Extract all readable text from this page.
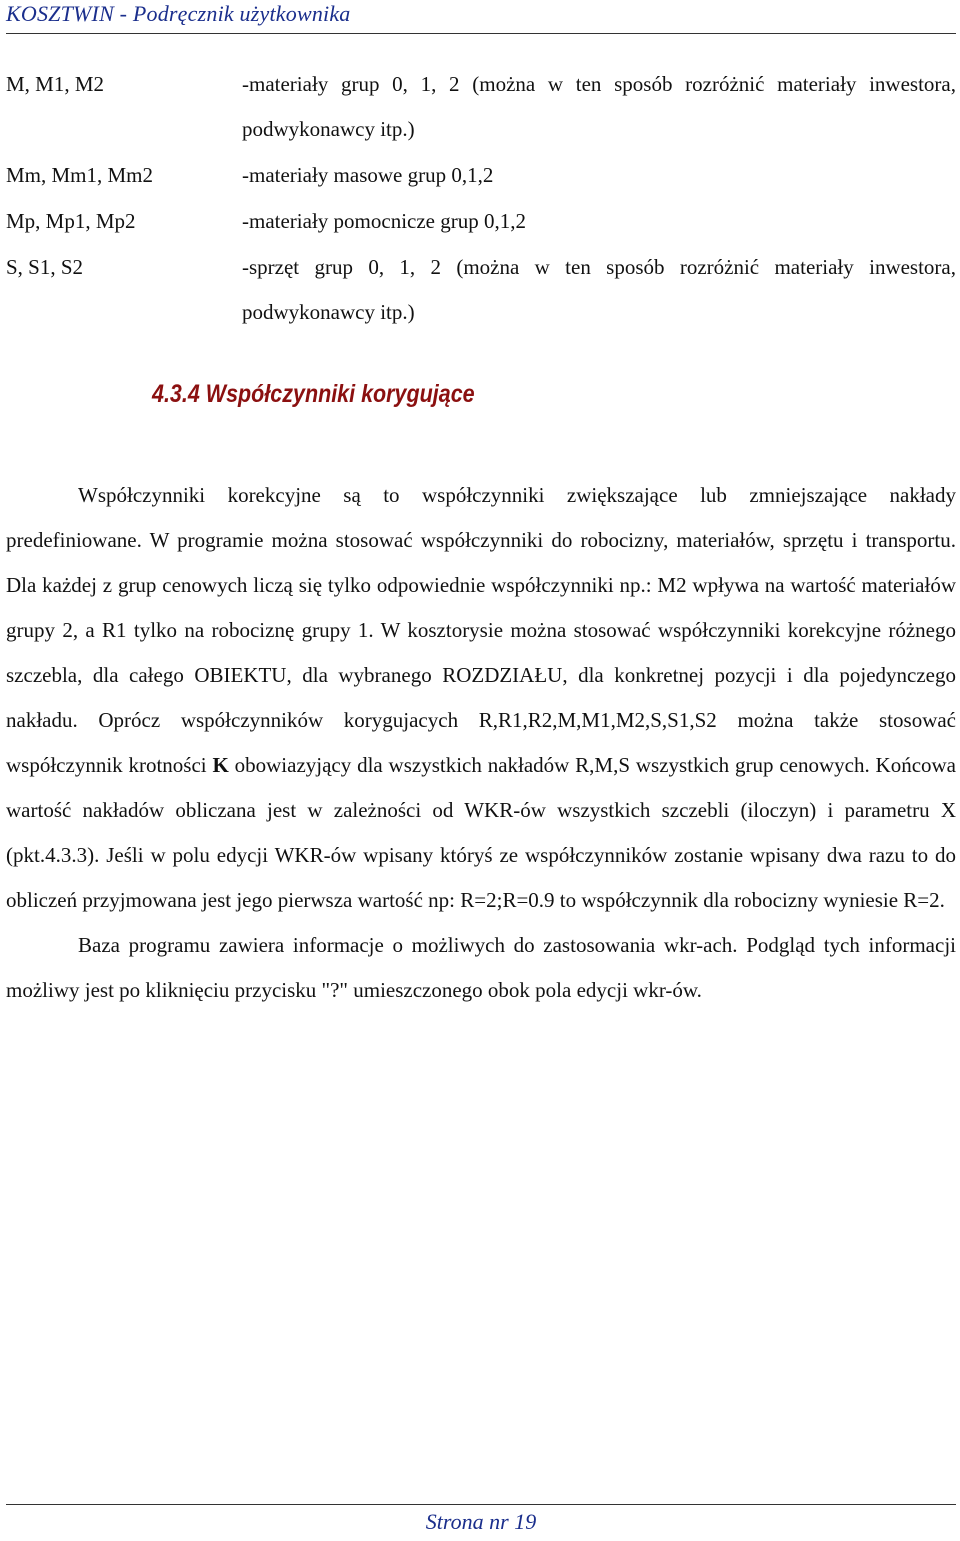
KOSZTWIN - Podręcznik użytkownika
M, M1, M2	-materiały grup 0, 1, 2 (można w ten sposób rozróżnić materiały inwestora, podwykonawcy itp.)
Mm, Mm1, Mm2	-materiały masowe grup 0,1,2
Mp, Mp1, Mp2	-materiały pomocnicze grup 0,1,2
S, S1, S2	-sprzęt grup 0, 1, 2 (można w ten sposób rozróżnić materiały inwestora, podwykonawcy itp.)
4.3.4 Współczynniki korygujące

Współczynniki korekcyjne są to współczynniki zwiększające lub zmniejszające nakłady predefiniowane. W programie można stosować współczynniki do robocizny, materiałów, sprzętu i transportu. Dla każdej z grup cenowych liczą się tylko odpowiednie współczynniki np.: M2 wpływa na wartość materiałów grupy 2, a R1 tylko na robociznę grupy 1. W kosztorysie można stosować współczynniki korekcyjne różnego szczebla, dla całego OBIEKTU, dla wybranego ROZDZIAŁU, dla konkretnej pozycji i dla pojedynczego nakładu. Oprócz współczynników korygujacych R,R1,R2,M,M1,M2,S,S1,S2 można także stosować współczynnik krotności K obowiazyjący dla wszystkich nakładów R,M,S wszystkich grup cenowych. Końcowa wartość nakładów obliczana jest w zależności od WKR-ów wszystkich szczebli (iloczyn) i parametru X (pkt.4.3.3). Jeśli w polu edycji WKR-ów wpisany któryś ze współczynników zostanie wpisany dwa razu to do obliczeń przyjmowana jest jego pierwsza wartość np: R=2;R=0.9 to współczynnik dla robocizny wyniesie R=2.

Baza programu zawiera informacje o możliwych do zastosowania wkr-ach. Podgląd tych informacji możliwy jest po kliknięciu przycisku "?" umieszczonego obok pola edycji wkr-ów.

Strona nr 19
